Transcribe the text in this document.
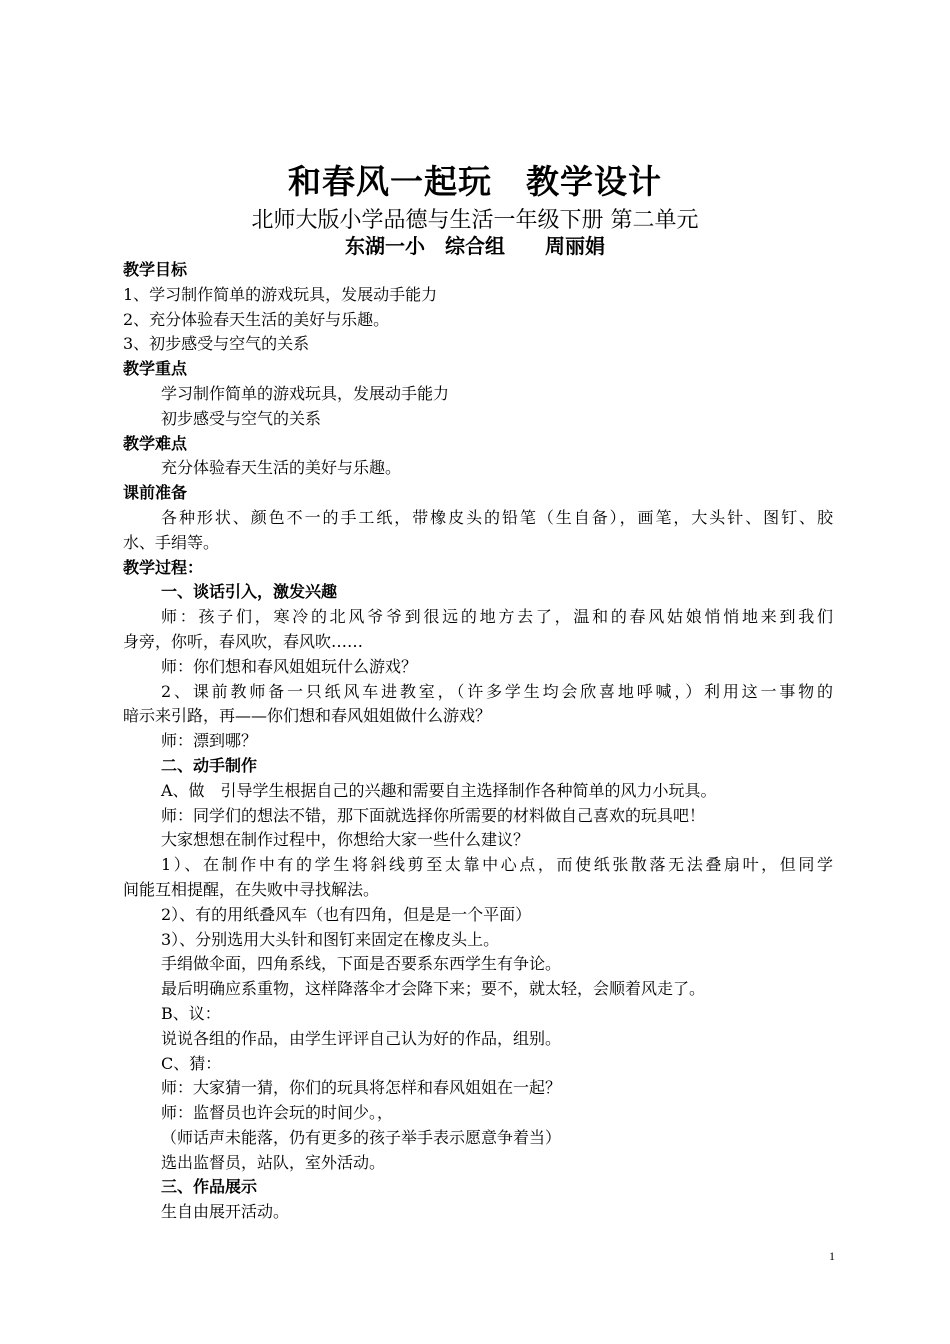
和春风一起玩　教学设计
北师大版小学品德与生活一年级下册 第二单元
东湖一小　综合组　　周丽娟
教学目标
1、学习制作简单的游戏玩具，发展动手能力
2、充分体验春天生活的美好与乐趣。
3、初步感受与空气的关系
教学重点
学习制作简单的游戏玩具，发展动手能力
初步感受与空气的关系
教学难点
充分体验春天生活的美好与乐趣。
课前准备
各种形状、颜色不一的手工纸，带橡皮头的铅笔（生自备），画笔，大头针、图钉、胶
水、手绢等。
教学过程：
一、谈话引入，激发兴趣
师：孩子们，寒冷的北风爷爷到很远的地方去了，温和的春风姑娘悄悄地来到我们
身旁，你听，春风吹，春风吹……
师：你们想和春风姐姐玩什么游戏？
2、课前教师备一只纸风车进教室，（许多学生均会欣喜地呼喊，）利用这一事物的
暗示来引路，再——你们想和春风姐姐做什么游戏？
师：漂到哪？
二、动手制作
A、做　引导学生根据自己的兴趣和需要自主选择制作各种简单的风力小玩具。
师：同学们的想法不错，那下面就选择你所需要的材料做自己喜欢的玩具吧！
大家想想在制作过程中，你想给大家一些什么建议？
1）、在制作中有的学生将斜线剪至太靠中心点，而使纸张散落无法叠扇叶，但同学
间能互相提醒，在失败中寻找解法。
2）、有的用纸叠风车（也有四角，但是是一个平面）
3）、分别选用大头针和图钉来固定在橡皮头上。
手绢做伞面，四角系线，下面是否要系东西学生有争论。
最后明确应系重物，这样降落伞才会降下来；要不，就太轻，会顺着风走了。
B、议：
说说各组的作品，由学生评评自己认为好的作品，组别。
C、猜：
师：大家猜一猜，你们的玩具将怎样和春风姐姐在一起？
师：监督员也许会玩的时间少。，
（师话声未能落，仍有更多的孩子举手表示愿意争着当）
选出监督员，站队，室外活动。
三、作品展示
生自由展开活动。
1
